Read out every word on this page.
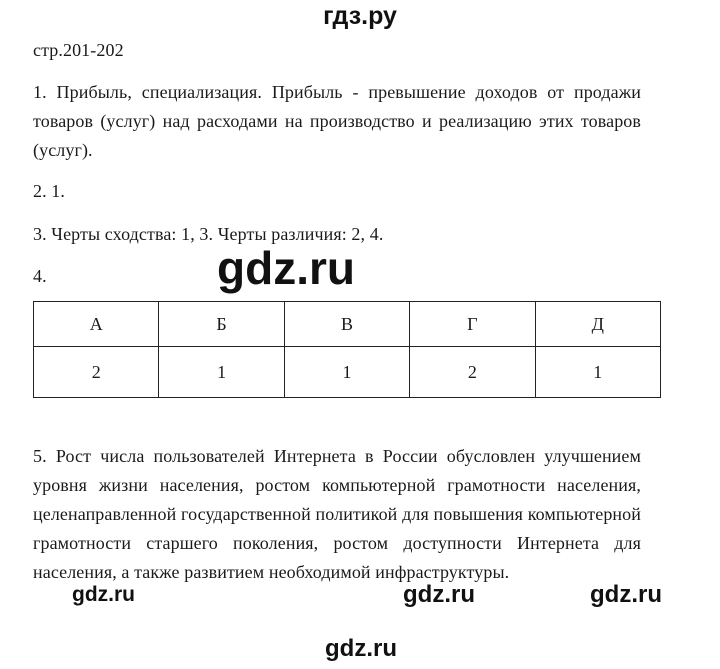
гдз.ру
стр.201-202
1. Прибыль, специализация. Прибыль - превышение доходов от продажи товаров (услуг) над расходами на производство и реализацию этих товаров (услуг).
2. 1.
3. Черты сходства: 1, 3. Черты различия: 2, 4.
4.	gdz.ru
А	Б	В	Г	Д
2	1	1	2	1
5. Рост числа пользователей Интернета в России обусловлен улучшением уровня жизни населения, ростом компьютерной грамотности населения, целенаправленной государственной политикой для повышения компьютерной грамотности старшего поколения, ростом доступности Интернета для населения, а также развитием необходимой инфраструктуры.
gdz.ru	gdz.ru	gdz.ru
gdz.ru
